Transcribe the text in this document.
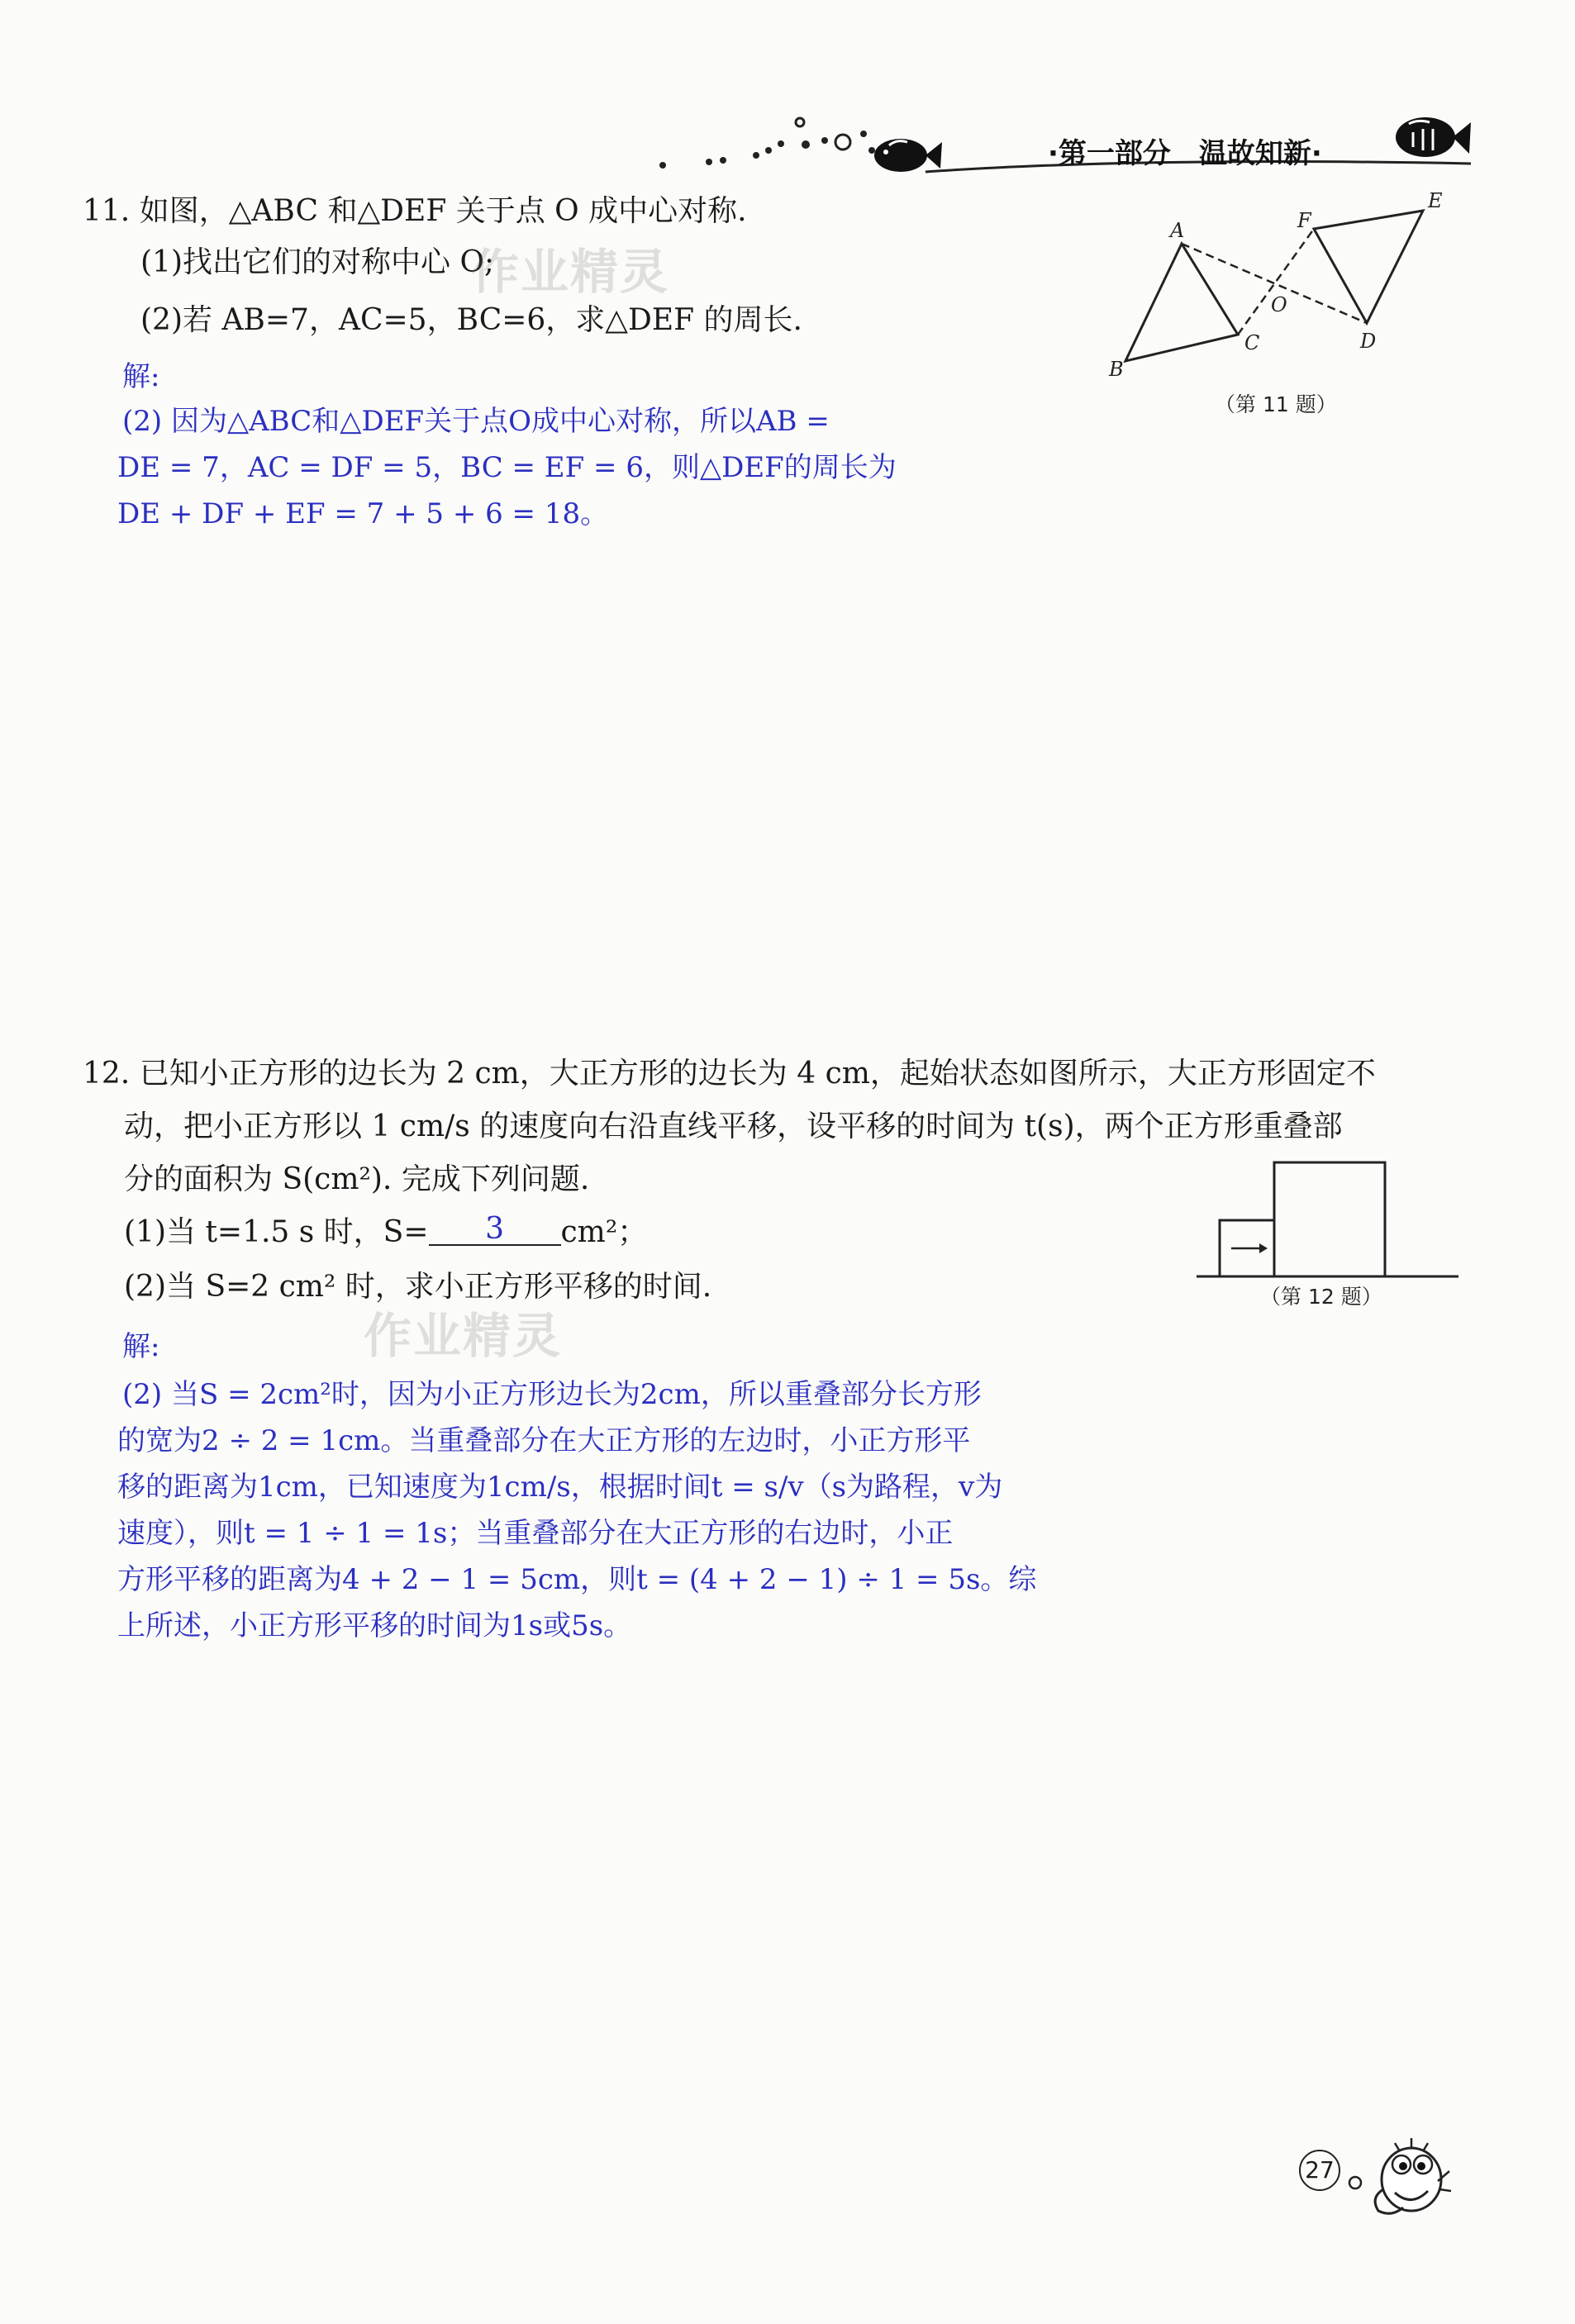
·第一部分　温故知新·
11. 如图，△ABC 和△DEF 关于点 O 成中心对称.
(1)找出它们的对称中心 O;
作业精灵
(2)若 AB=7，AC=5，BC=6，求△DEF 的周长.
解:
(2) 因为△ABC和△DEF关于点O成中心对称，所以AB =
DE = 7，AC = DF = 5，BC = EF = 6，则△DEF的周长为
DE + DF + EF = 7 + 5 + 6 = 18。
A
B
C	D
E
F
O
（第 11 题）
12. 已知小正方形的边长为 2 cm，大正方形的边长为 4 cm，起始状态如图所示，大正方形固定不
动，把小正方形以 1 cm/s 的速度向右沿直线平移，设平移的时间为 t(s)，两个正方形重叠部
分的面积为 S(cm²). 完成下列问题.
(1)当 t=1.5 s 时，S= 3 cm²；
(2)当 S=2 cm² 时，求小正方形平移的时间.
作业精灵
解:
(2) 当S = 2cm²时，因为小正方形边长为2cm，所以重叠部分长方形
的宽为2 ÷ 2 = 1cm。当重叠部分在大正方形的左边时，小正方形平
移的距离为1cm，已知速度为1cm/s，根据时间t = s/v（s为路程，v为
速度），则t = 1 ÷ 1 = 1s；当重叠部分在大正方形的右边时，小正
方形平移的距离为4 + 2 − 1 = 5cm，则t = (4 + 2 − 1) ÷ 1 = 5s。综
上所述，小正方形平移的时间为1s或5s。
（第 12 题）
27
